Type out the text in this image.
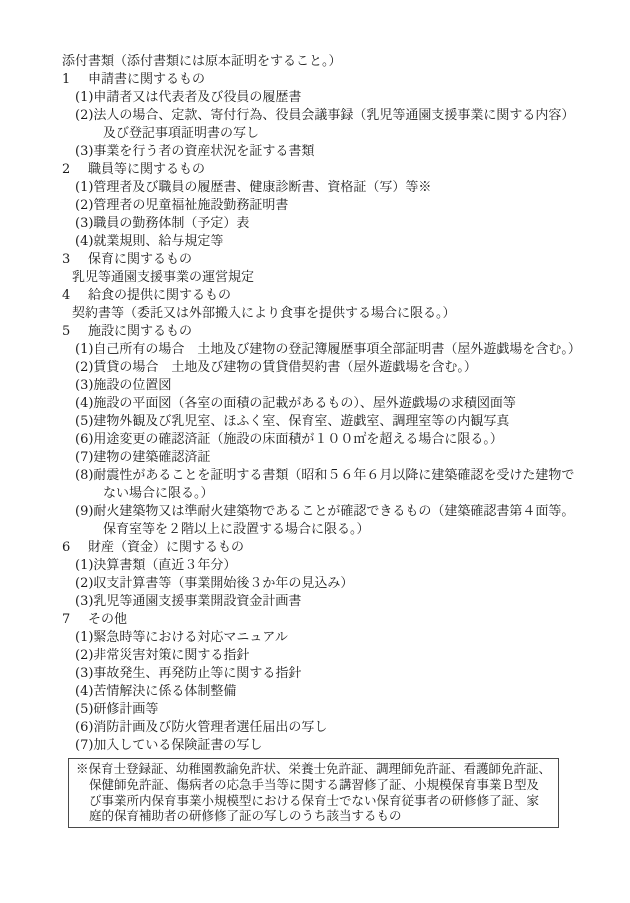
添付書類（添付書類には原本証明をすること。）
1 申請書に関するもの
(1)申請者又は代表者及び役員の履歴書
(2)法人の場合、定款、寄付行為、役員会議事録（乳児等通園支援事業に関する内容）
及び登記事項証明書の写し
(3)事業を行う者の資産状況を証する書類
2 職員等に関するもの
(1)管理者及び職員の履歴書、健康診断書、資格証（写）等※
(2)管理者の児童福祉施設勤務証明書
(3)職員の勤務体制（予定）表
(4)就業規則、給与規定等
3 保育に関するもの
乳児等通園支援事業の運営規定
4 給食の提供に関するもの
契約書等（委託又は外部搬入により食事を提供する場合に限る。）
5 施設に関するもの
(1)自己所有の場合　土地及び建物の登記簿履歴事項全部証明書（屋外遊戯場を含む。）
(2)賃貸の場合　土地及び建物の賃貸借契約書（屋外遊戯場を含む。）
(3)施設の位置図
(4)施設の平面図（各室の面積の記載があるもの）、屋外遊戯場の求積図面等
(5)建物外観及び乳児室、ほふく室、保育室、遊戯室、調理室等の内観写真
(6)用途変更の確認済証（施設の床面積が１００㎡を超える場合に限る。）
(7)建物の建築確認済証
(8)耐震性があることを証明する書類（昭和５６年６月以降に建築確認を受けた建物で
ない場合に限る。）
(9)耐火建築物又は準耐火建築物であることが確認できるもの（建築確認書第４面等。
保育室等を２階以上に設置する場合に限る。）
6 財産（資金）に関するもの
(1)決算書類（直近３年分）
(2)収支計算書等（事業開始後３か年の見込み）
(3)乳児等通園支援事業開設資金計画書
7 その他
(1)緊急時等における対応マニュアル
(2)非常災害対策に関する指針
(3)事故発生、再発防止等に関する指針
(4)苦情解決に係る体制整備
(5)研修計画等
(6)消防計画及び防火管理者選任届出の写し
(7)加入している保険証書の写し
※保育士登録証、幼稚園教諭免許状、栄養士免許証、調理師免許証、看護師免許証、
保健師免許証、傷病者の応急手当等に関する講習修了証、小規模保育事業Ｂ型及
び事業所内保育事業小規模型における保育士でない保育従事者の研修修了証、家
庭的保育補助者の研修修了証の写しのうち該当するもの
